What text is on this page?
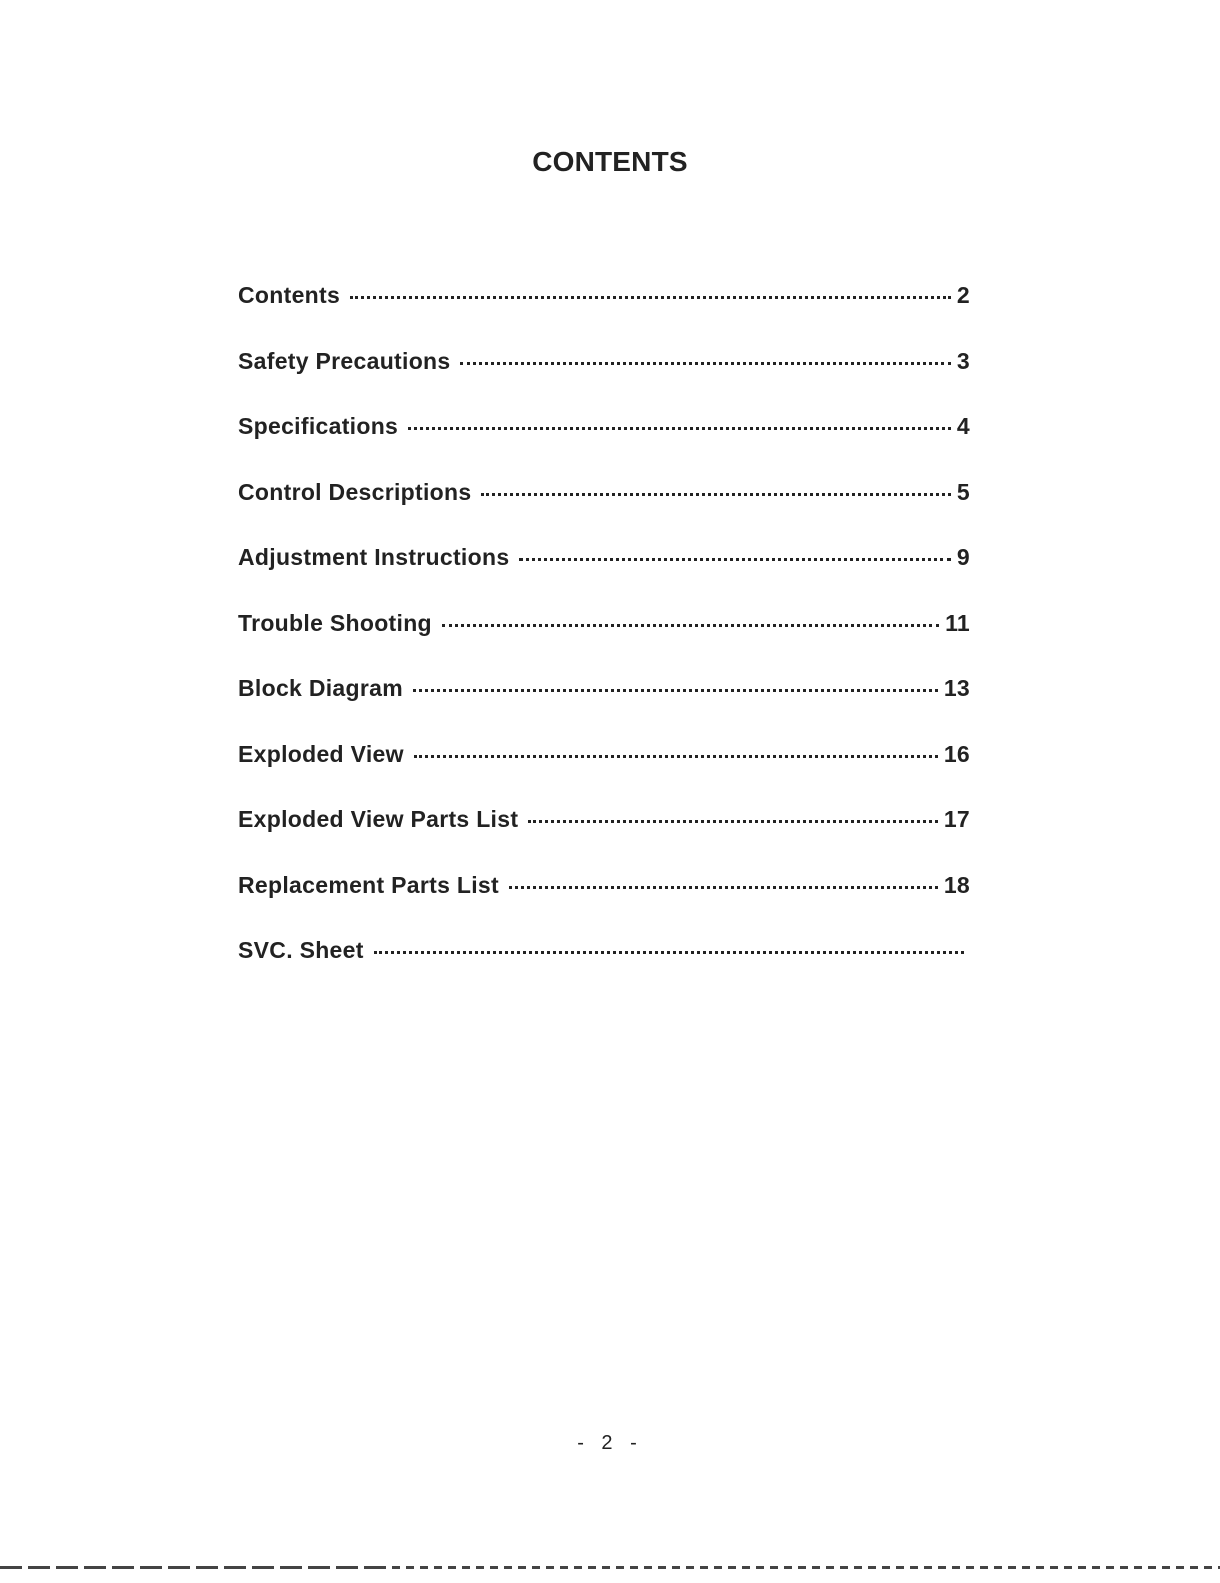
CONTENTS
Contents	2
Safety Precautions	3
Specifications	4
Control Descriptions	5
Adjustment Instructions	9
Trouble Shooting	11
Block Diagram	13
Exploded View	16
Exploded View Parts List	17
Replacement Parts List	18
SVC. Sheet
- 2 -
